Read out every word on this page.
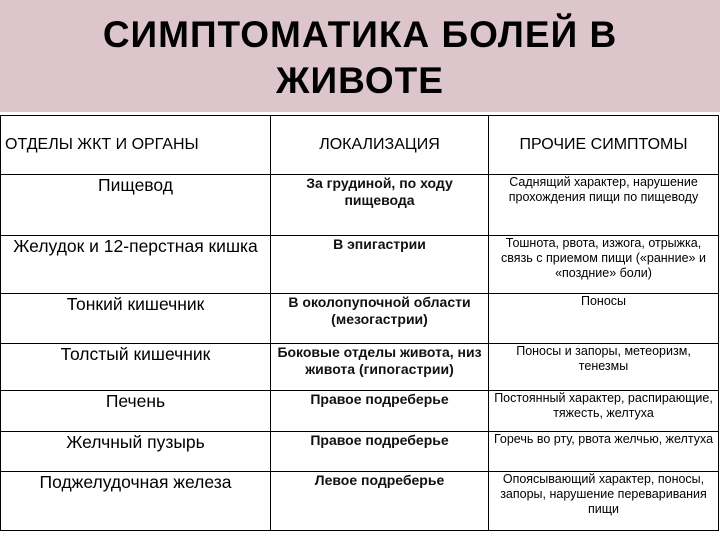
СИМПТОМАТИКА БОЛЕЙ В
ЖИВОТЕ
ОТДЕЛЫ ЖКТ И ОРГАНЫ	ЛОКАЛИЗАЦИЯ	ПРОЧИЕ СИМПТОМЫ
Пищевод	За грудиной, по ходу пищевода	Саднящий характер, нарушение прохождения пищи по пищеводу
Желудок и 12-перстная кишка	В эпигастрии	Тошнота, рвота, изжога, отрыжка, связь с приемом пищи («ранние» и «поздние» боли)
Тонкий кишечник	В околопупочной области (мезогастрии)	Поносы
Толстый кишечник	Боковые отделы живота, низ живота (гипогастрии)	Поносы и запоры, метеоризм, тенезмы
Печень	Правое подреберье	Постоянный характер, распирающие, тяжесть, желтуха
Желчный пузырь	Правое подреберье	Горечь во рту, рвота желчью, желтуха
Поджелудочная железа	Левое подреберье	Опоясывающий характер, поносы, запоры, нарушение переваривания пищи
